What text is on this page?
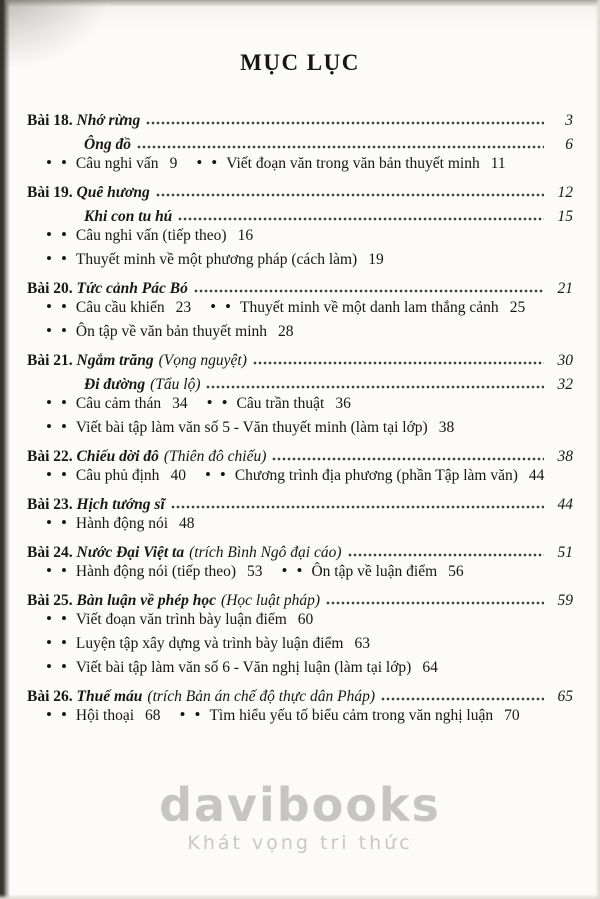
MỤC LỤC
Bài 18.
Nhớ rừng	3
Ông đồ	6
•
• Câu nghi vấn 9 •	• Viết đoạn văn trong văn bản thuyết minh 11
Bài 19.
Quê hương	12
Khi con tu hú	15
•
• Câu nghi vấn (tiếp theo) 16
•
• Thuyết minh về một phương pháp (cách làm) 19
Bài 20.
Tức cảnh Pác Bó	21
•
• Câu cầu khiến 23 •	• Thuyết minh về một danh lam thắng cảnh 25
•
• Ôn tập về văn bản thuyết minh 28
Bài 21.
Ngắm trăng (Vọng nguyệt)	30
Đi đường (Tẩu lộ)	32
•
• Câu cảm thán 34 •	• Câu trần thuật 36
•
• Viết bài tập làm văn số 5 - Văn thuyết minh (làm tại lớp) 38
Bài 22.
Chiếu dời đô (Thiên đô chiếu)	38
•
• Câu phủ định 40 •	• Chương trình địa phương (phần Tập làm văn) 44
Bài 23.
Hịch tướng sĩ	44
•
• Hành động nói 48
Bài 24.
Nước Đại Việt ta (trích Bình Ngô đại cáo)	51
•
• Hành động nói (tiếp theo) 53 •	• Ôn tập về luận điểm 56
Bài 25.
Bàn luận về phép học (Học luật pháp)	59
•
• Viết đoạn văn trình bày luận điểm 60
•
• Luyện tập xây dựng và trình bày luận điểm 63
•
• Viết bài tập làm văn số 6 - Văn nghị luận (làm tại lớp) 64
Bài 26.
Thuế máu (trích Bản án chế độ thực dân Pháp)	65
•
• Hội thoại 68 •	• Tìm hiểu yếu tố biểu cảm trong văn nghị luận 70
davibooks
Khát vọng tri thức
